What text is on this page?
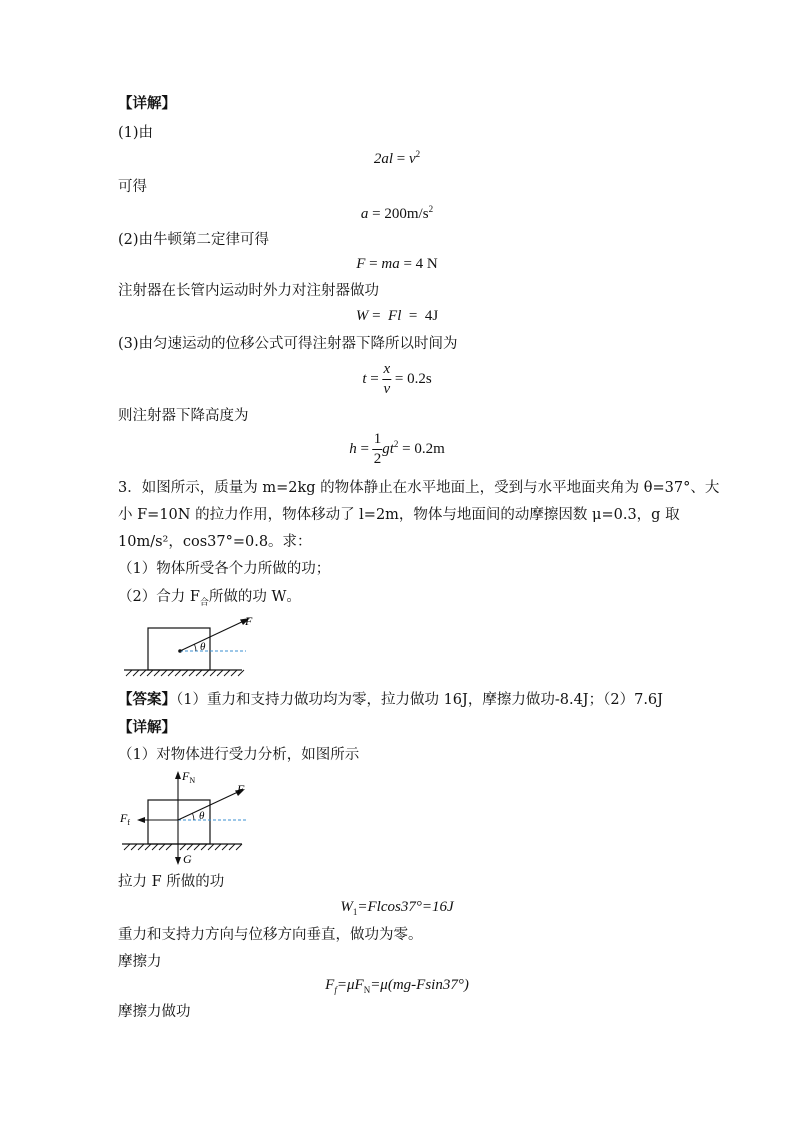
【详解】
(1)由
$2al = v^2$
可得
$a = 200m/s^2$
(2)由牛顿第二定律可得
F = ma = 4 N
注射器在长管内运动时外力对注射器做功
W =  Fl  =  4J
(3)由匀速运动的位移公式可得注射器下降所以时间为
$t = \frac{x}{v} = 0.2s$
则注射器下降高度为
$h = \frac{1}{2} gt^2 = 0.2m$
3．如图所示，质量为 m=2kg 的物体静止在水平地面上，受到与水平地面夹角为 θ=37°、大
小 F=10N 的拉力作用，物体移动了 l=2m，物体与地面间的动摩擦因数 μ=0.3，g 取
10m/s²，cos37°=0.8。求：
（1）物体所受各个力所做的功；
（2）合力 $F_合$所做的功 W。
F
θ
【答案】（1）重力和支持力做功均为零，拉力做功 16J，摩擦力做功-8.4J；（2）7.6J
【详解】
（1）对物体进行受力分析，如图所示
$F_N$
G
$F_f$
F
θ
拉力 F 所做的功
$W_1=Flcos37^\circ=16J$
重力和支持力方向与位移方向垂直，做功为零。
摩擦力
$F_f=\mu F_N=\mu(mg-Fsin37^\circ)$
摩擦力做功
